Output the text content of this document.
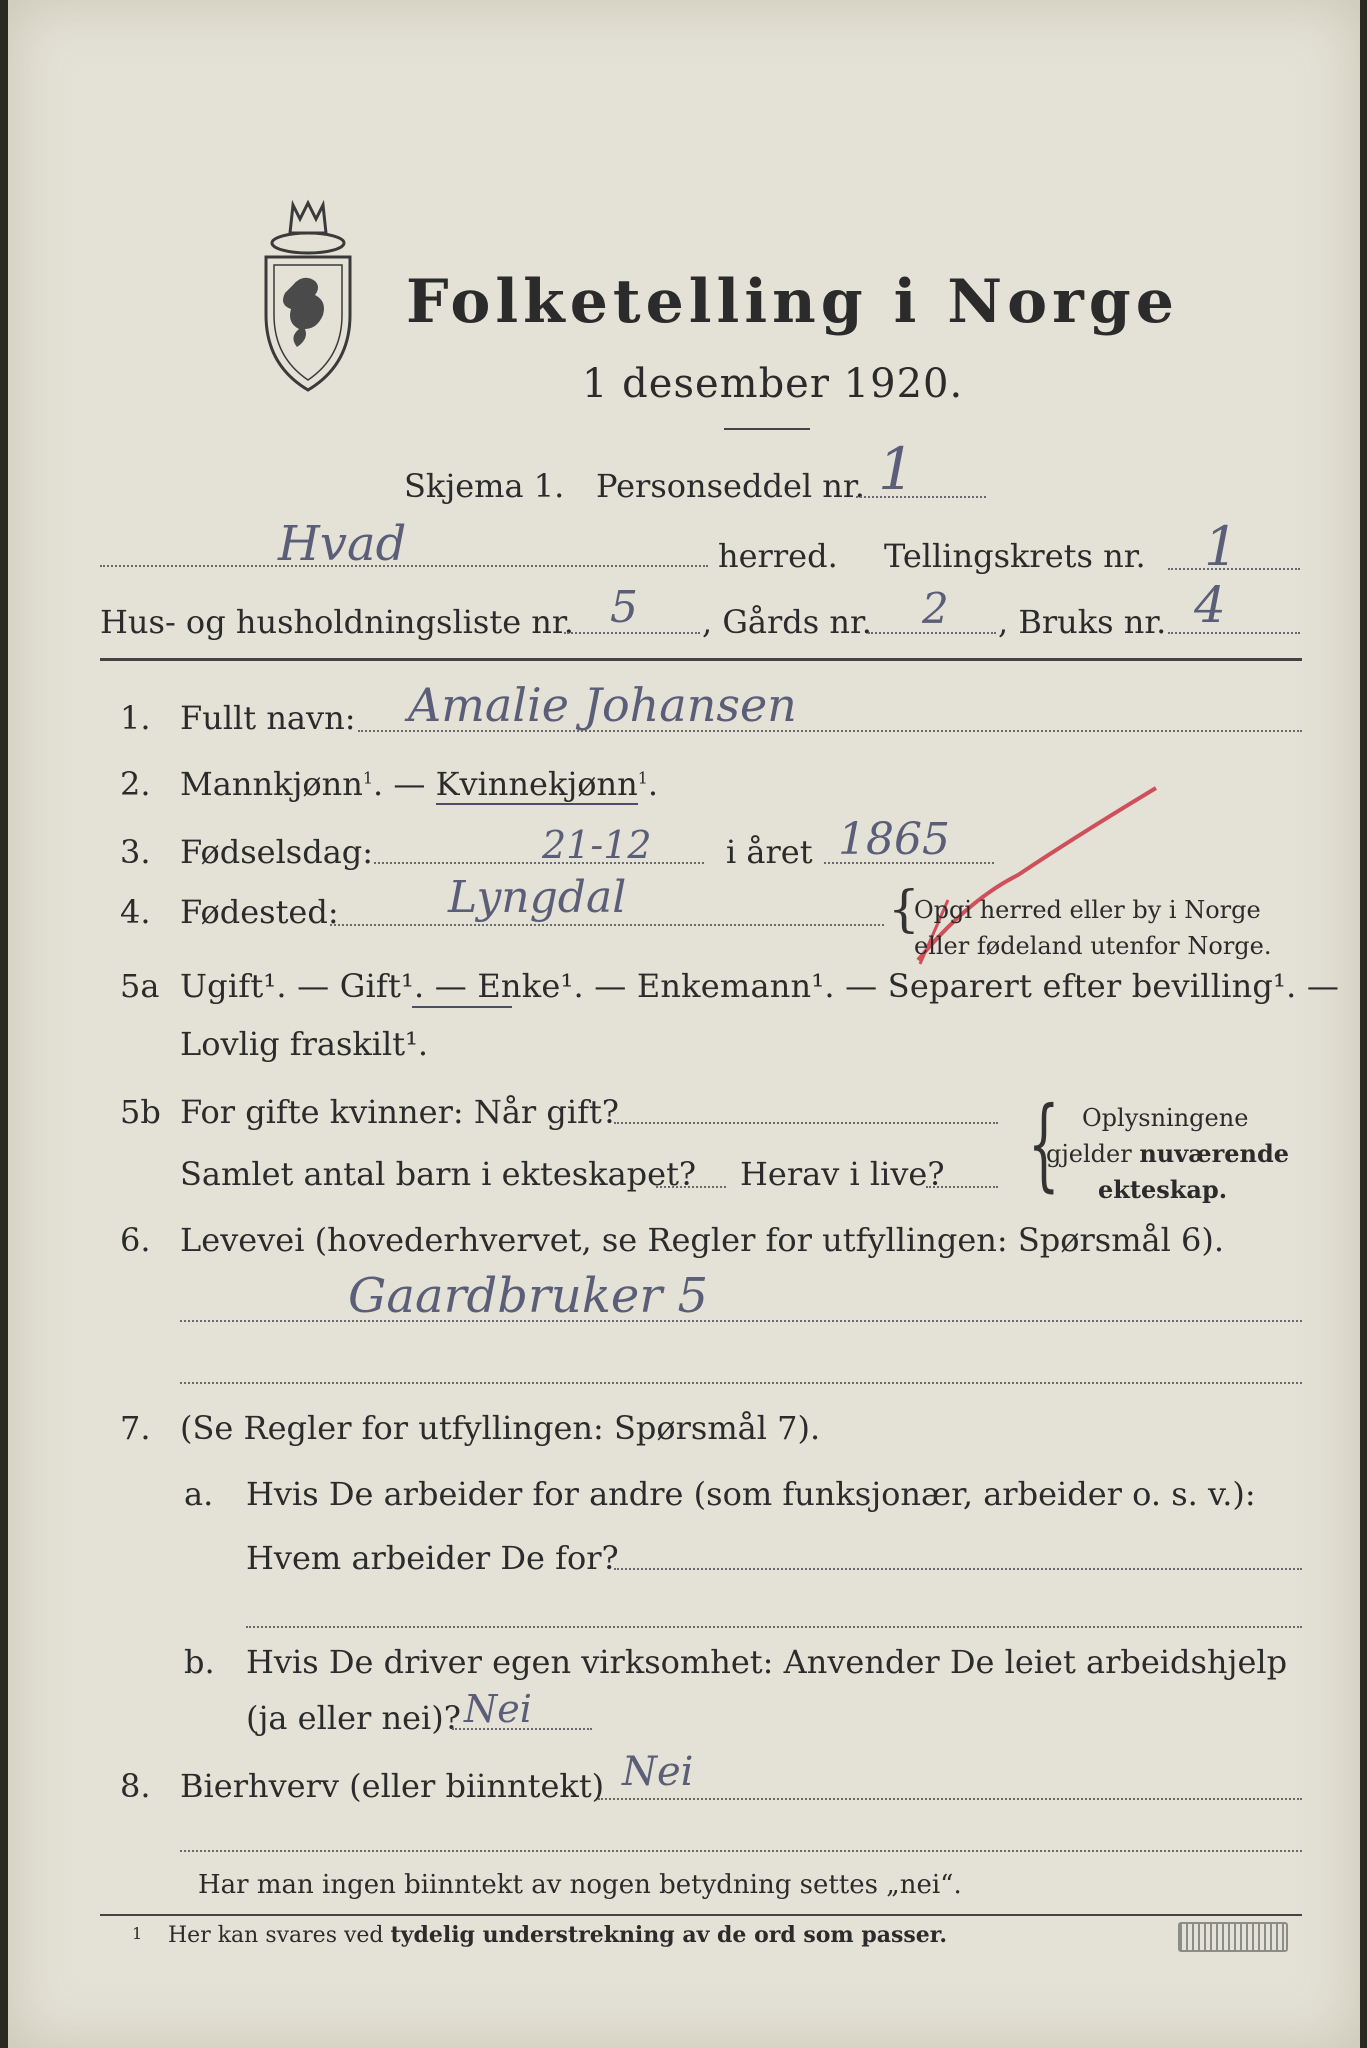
Folketelling i Norge
1 desember 1920.
Skjema 1. Personseddel nr. 1
Hvad	herred. Tellingskrets nr. 1
Hus- og husholdningsliste nr. 5 , Gårds nr. 2 , Bruks nr. 4
1. Fullt navn: Amalie Johansen
2. Mannkjønn$^1$. — Kvinnekjønn$^1$.
3. Fødselsdag:	21-12 i året 1865
4. Fødested: Lyngdal	{
Opgi herred eller by i Norge
eller fødeland utenfor Norge.
5a Ugift¹. — Gift¹. — Enke¹. — Enkemann¹. — Separert efter bevilling¹. —
Lovlig fraskilt¹.
5b For gifte kvinner: Når gift?
Samlet antal barn i ekteskapet? Herav i live? { Oplysningene
gjelder nuværende
ekteskap.
6. Levevei (hovederhvervet, se Regler for utfyllingen: Spørsmål 6).
Gaardbruker 5
7. (Se Regler for utfyllingen: Spørsmål 7).
a. Hvis De arbeider for andre (som funksjonær, arbeider o. s. v.):
Hvem arbeider De for?
b. Hvis De driver egen virksomhet: Anvender De leiet arbeidshjelp
(ja eller nei)? Nei
8. Bierhverv (eller biinntekt) Nei
Har man ingen biinntekt av nogen betydning settes „nei“.
1 Her kan svares ved tydelig understrekning av de ord som passer.
